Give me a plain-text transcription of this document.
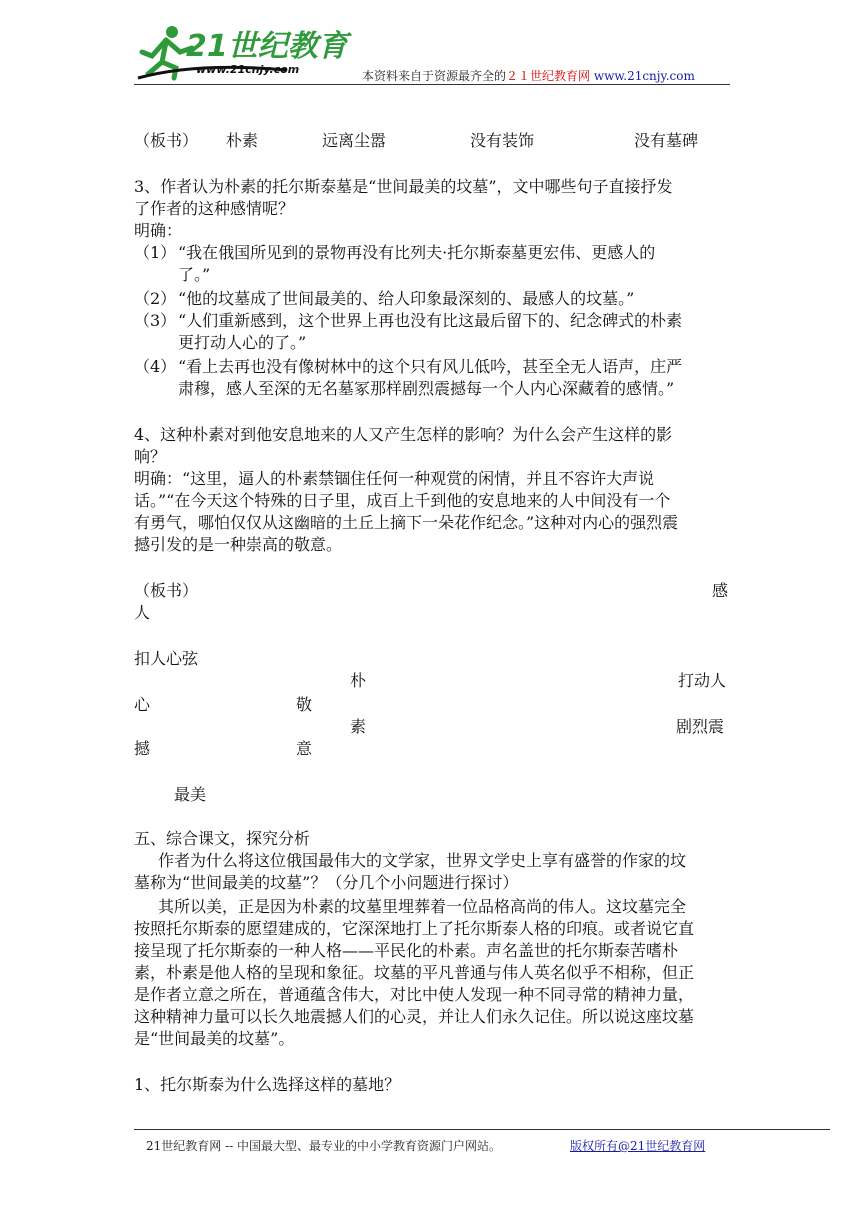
21世纪教育
www.21cnjy.com	本资料来自于资源最齐全的２１世纪教育网 www.21cnjy.com
（板书） 朴素	远离尘嚣	没有装饰	没有墓碑
3、作者认为朴素的托尔斯泰墓是“世间最美的坟墓”，文中哪些句子直接抒发
了作者的这种感情呢？
明确：
（1） “我在俄国所见到的景物再没有比列夫·托尔斯泰墓更宏伟、更感人的
了。”
（2） “他的坟墓成了世间最美的、给人印象最深刻的、最感人的坟墓。”
（3） “人们重新感到，这个世界上再也没有比这最后留下的、纪念碑式的朴素
更打动人心的了。”
（4） “看上去再也没有像树林中的这个只有风儿低吟，甚至全无人语声，庄严
肃穆，感人至深的无名墓冢那样剧烈震撼每一个人内心深藏着的感情。”
4、这种朴素对到他安息地来的人又产生怎样的影响？为什么会产生这样的影
响？
明确：“这里，逼人的朴素禁锢住任何一种观赏的闲情，并且不容许大声说
话。”“在今天这个特殊的日子里，成百上千到他的安息地来的人中间没有一个
有勇气，哪怕仅仅从这幽暗的土丘上摘下一朵花作纪念。”这种对内心的强烈震
撼引发的是一种崇高的敬意。
（板书）	感
人
扣人心弦
朴	打动人
心	敬
素	剧烈震
撼	意
最美
五、综合课文，探究分析
作者为什么将这位俄国最伟大的文学家，世界文学史上享有盛誉的作家的坟
墓称为“世间最美的坟墓”？（分几个小问题进行探讨）
其所以美，正是因为朴素的坟墓里埋葬着一位品格高尚的伟人。这坟墓完全
按照托尔斯泰的愿望建成的，它深深地打上了托尔斯泰人格的印痕。或者说它直
接呈现了托尔斯泰的一种人格——平民化的朴素。声名盖世的托尔斯泰苦嗜朴
素，朴素是他人格的呈现和象征。坟墓的平凡普通与伟人英名似乎不相称，但正
是作者立意之所在，普通蕴含伟大，对比中使人发现一种不同寻常的精神力量，
这种精神力量可以长久地震撼人们的心灵，并让人们永久记住。所以说这座坟墓
是“世间最美的坟墓”。
1、托尔斯泰为什么选择这样的墓地？
21世纪教育网 -- 中国最大型、最专业的中小学教育资源门户网站。	版权所有@21世纪教育网
